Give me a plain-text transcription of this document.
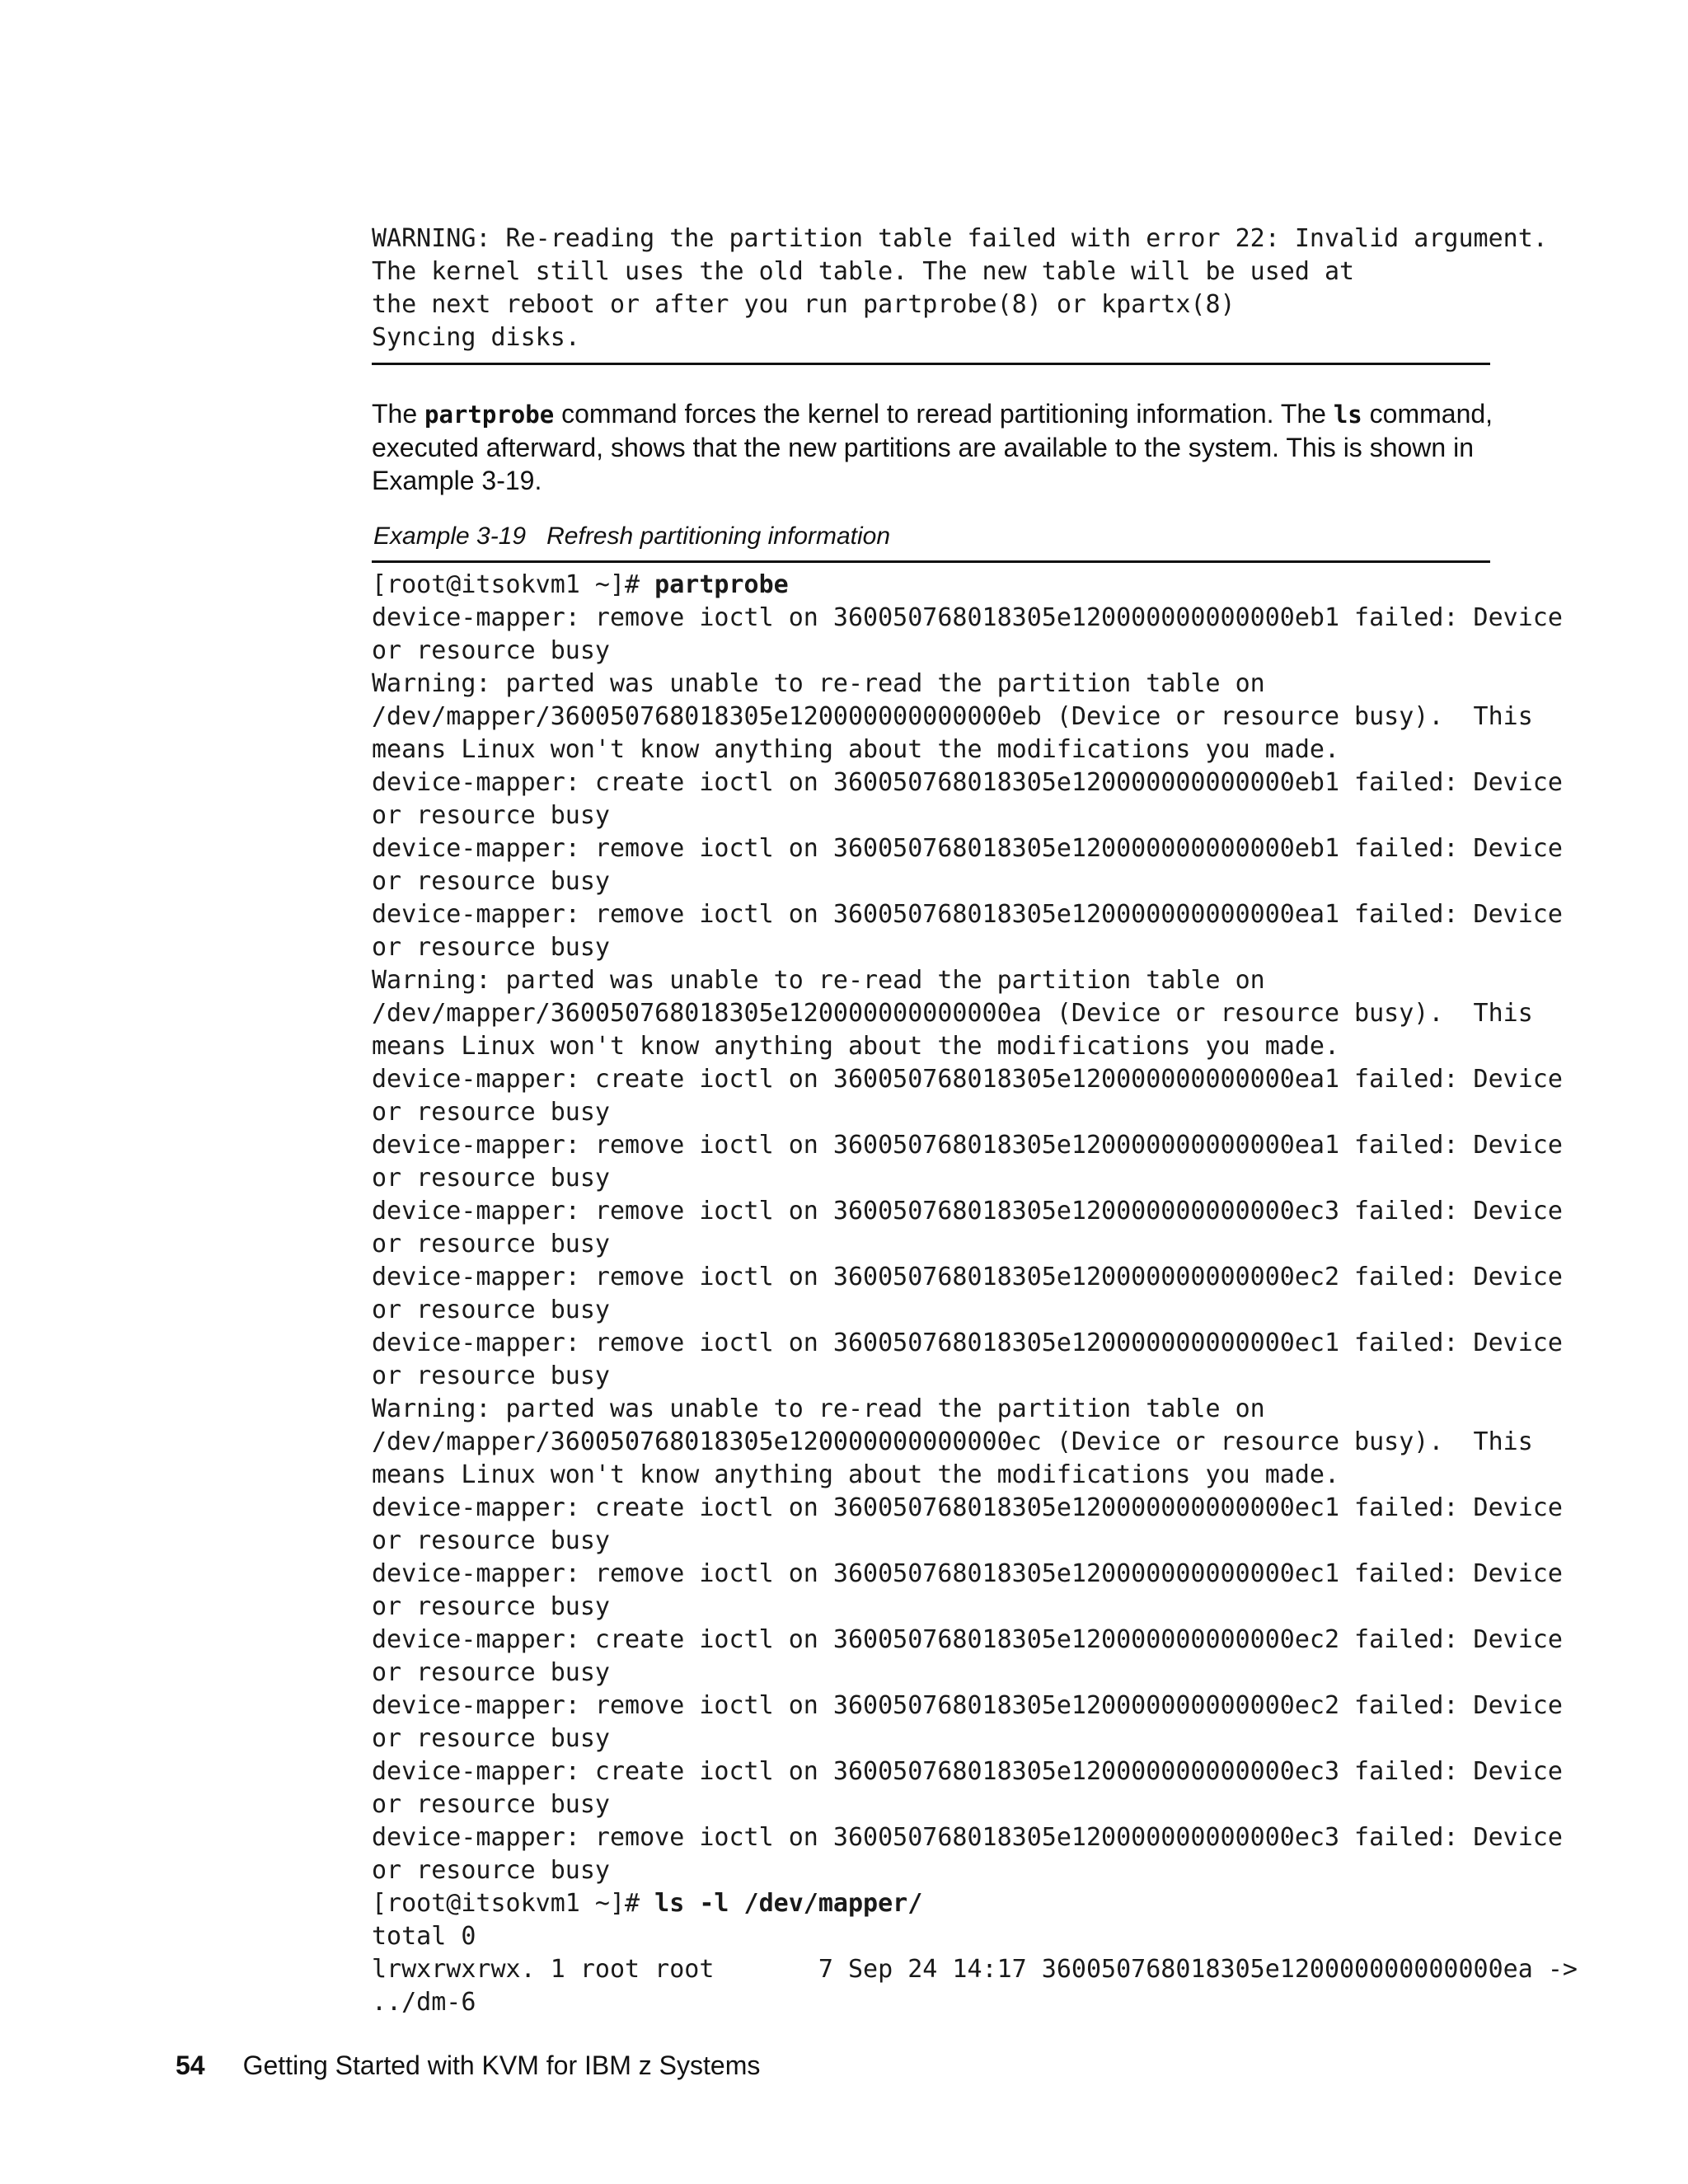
WARNING: Re-reading the partition table failed with error 22: Invalid argument.
The kernel still uses the old table. The new table will be used at
the next reboot or after you run partprobe(8) or kpartx(8)
Syncing disks.

The partprobe command forces the kernel to reread partitioning information. The ls command, executed afterward, shows that the new partitions are available to the system. This is shown in Example 3-19.

Example 3-19 Refresh partitioning information

[root@itsokvm1 ~]# partprobe
device-mapper: remove ioctl on 360050768018305e120000000000000eb1 failed: Device
or resource busy
Warning: parted was unable to re-read the partition table on
/dev/mapper/360050768018305e120000000000000eb (Device or resource busy).  This
means Linux won't know anything about the modifications you made.
device-mapper: create ioctl on 360050768018305e120000000000000eb1 failed: Device
or resource busy
device-mapper: remove ioctl on 360050768018305e120000000000000eb1 failed: Device
or resource busy
device-mapper: remove ioctl on 360050768018305e120000000000000ea1 failed: Device
or resource busy
Warning: parted was unable to re-read the partition table on
/dev/mapper/360050768018305e120000000000000ea (Device or resource busy).  This
means Linux won't know anything about the modifications you made.
device-mapper: create ioctl on 360050768018305e120000000000000ea1 failed: Device
or resource busy
device-mapper: remove ioctl on 360050768018305e120000000000000ea1 failed: Device
or resource busy
device-mapper: remove ioctl on 360050768018305e120000000000000ec3 failed: Device
or resource busy
device-mapper: remove ioctl on 360050768018305e120000000000000ec2 failed: Device
or resource busy
device-mapper: remove ioctl on 360050768018305e120000000000000ec1 failed: Device
or resource busy
Warning: parted was unable to re-read the partition table on
/dev/mapper/360050768018305e120000000000000ec (Device or resource busy).  This
means Linux won't know anything about the modifications you made.
device-mapper: create ioctl on 360050768018305e120000000000000ec1 failed: Device
or resource busy
device-mapper: remove ioctl on 360050768018305e120000000000000ec1 failed: Device
or resource busy
device-mapper: create ioctl on 360050768018305e120000000000000ec2 failed: Device
or resource busy
device-mapper: remove ioctl on 360050768018305e120000000000000ec2 failed: Device
or resource busy
device-mapper: create ioctl on 360050768018305e120000000000000ec3 failed: Device
or resource busy
device-mapper: remove ioctl on 360050768018305e120000000000000ec3 failed: Device
or resource busy
[root@itsokvm1 ~]# ls -l /dev/mapper/
total 0
lrwxrwxrwx. 1 root root       7 Sep 24 14:17 360050768018305e120000000000000ea ->
../dm-6
54 Getting Started with KVM for IBM z Systems
